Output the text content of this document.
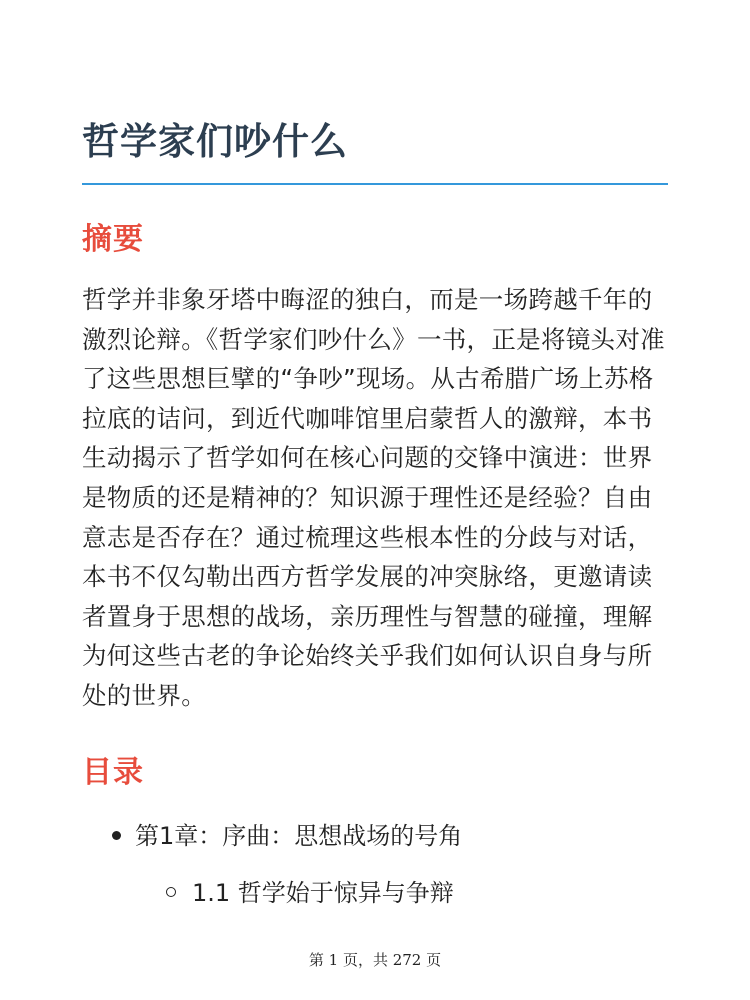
哲学家们吵什么
摘要

哲学并非象牙塔中晦涩的独白，而是一场跨越千年的激烈论辩。《哲学家们吵什么》一书，正是将镜头对准了这些思想巨擘的“争吵”现场。从古希腊广场上苏格拉底的诘问，到近代咖啡馆里启蒙哲人的激辩，本书生动揭示了哲学如何在核心问题的交锋中演进：世界是物质的还是精神的？知识源于理性还是经验？自由意志是否存在？通过梳理这些根本性的分歧与对话，本书不仅勾勒出西方哲学发展的冲突脉络，更邀请读者置身于思想的战场，亲历理性与智慧的碰撞，理解为何这些古老的争论始终关乎我们如何认识自身与所处的世界。

目录
第1章：序曲：思想战场的号角
1.1 哲学始于惊异与争辩
第 1 页，共 272 页
